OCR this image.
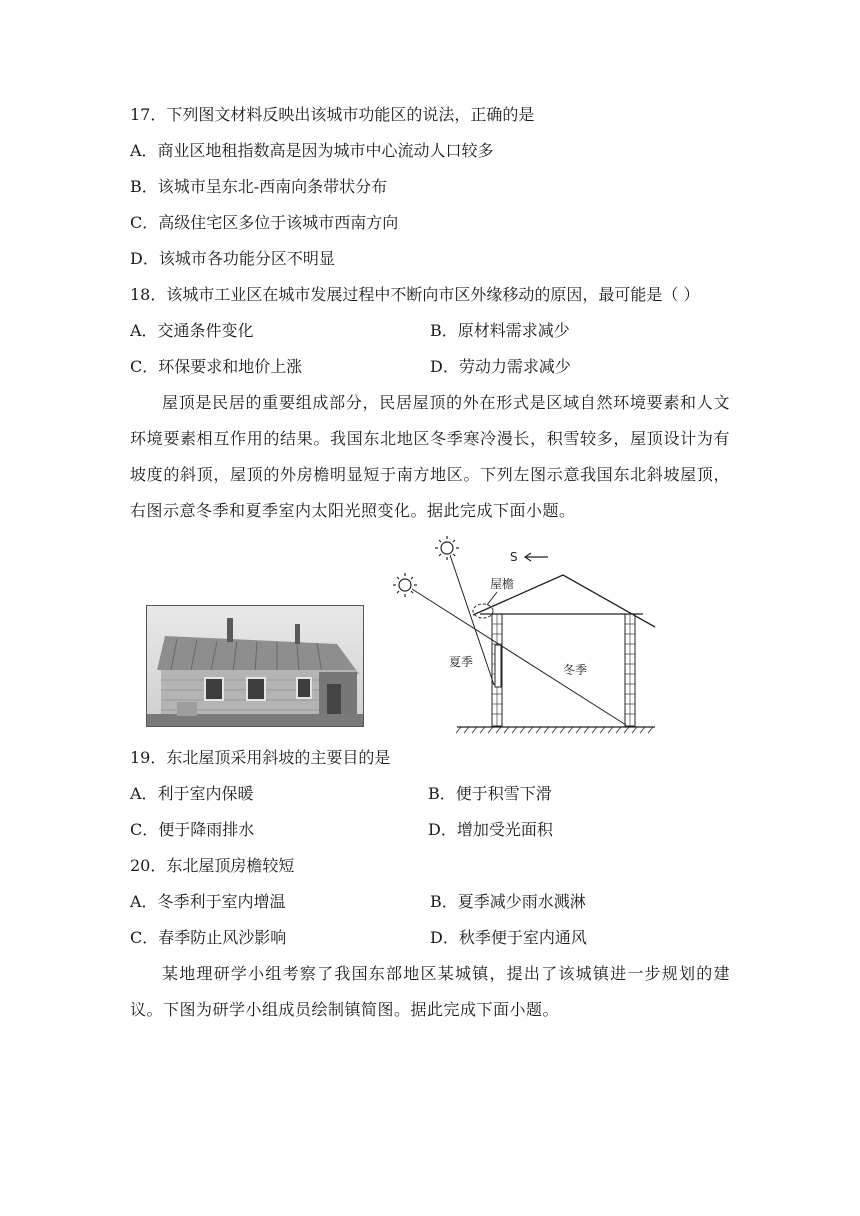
17．下列图文材料反映出该城市功能区的说法，正确的是
A．商业区地租指数高是因为城市中心流动人口较多
B．该城市呈东北-西南向条带状分布
C．高级住宅区多位于该城市西南方向
D．该城市各功能分区不明显
18．该城市工业区在城市发展过程中不断向市区外缘移动的原因，最可能是（ ）
A．交通条件变化	B．原材料需求减少
C．环保要求和地价上涨	D．劳动力需求减少
屋顶是民居的重要组成部分，民居屋顶的外在形式是区域自然环境要素和人文环境要素相互作用的结果。我国东北地区冬季寒冷漫长，积雪较多，屋顶设计为有坡度的斜顶，屋顶的外房檐明显短于南方地区。下列左图示意我国东北斜坡屋顶，右图示意冬季和夏季室内太阳光照变化。据此完成下面小题。
S
屋檐
夏季
冬季
19．东北屋顶采用斜坡的主要目的是
A．利于室内保暖	B．便于积雪下滑
C．便于降雨排水	D．增加受光面积
20．东北屋顶房檐较短
A．冬季利于室内增温	B．夏季减少雨水溅淋
C．春季防止风沙影响	D．秋季便于室内通风
某地理研学小组考察了我国东部地区某城镇，提出了该城镇进一步规划的建议。下图为研学小组成员绘制镇简图。据此完成下面小题。
